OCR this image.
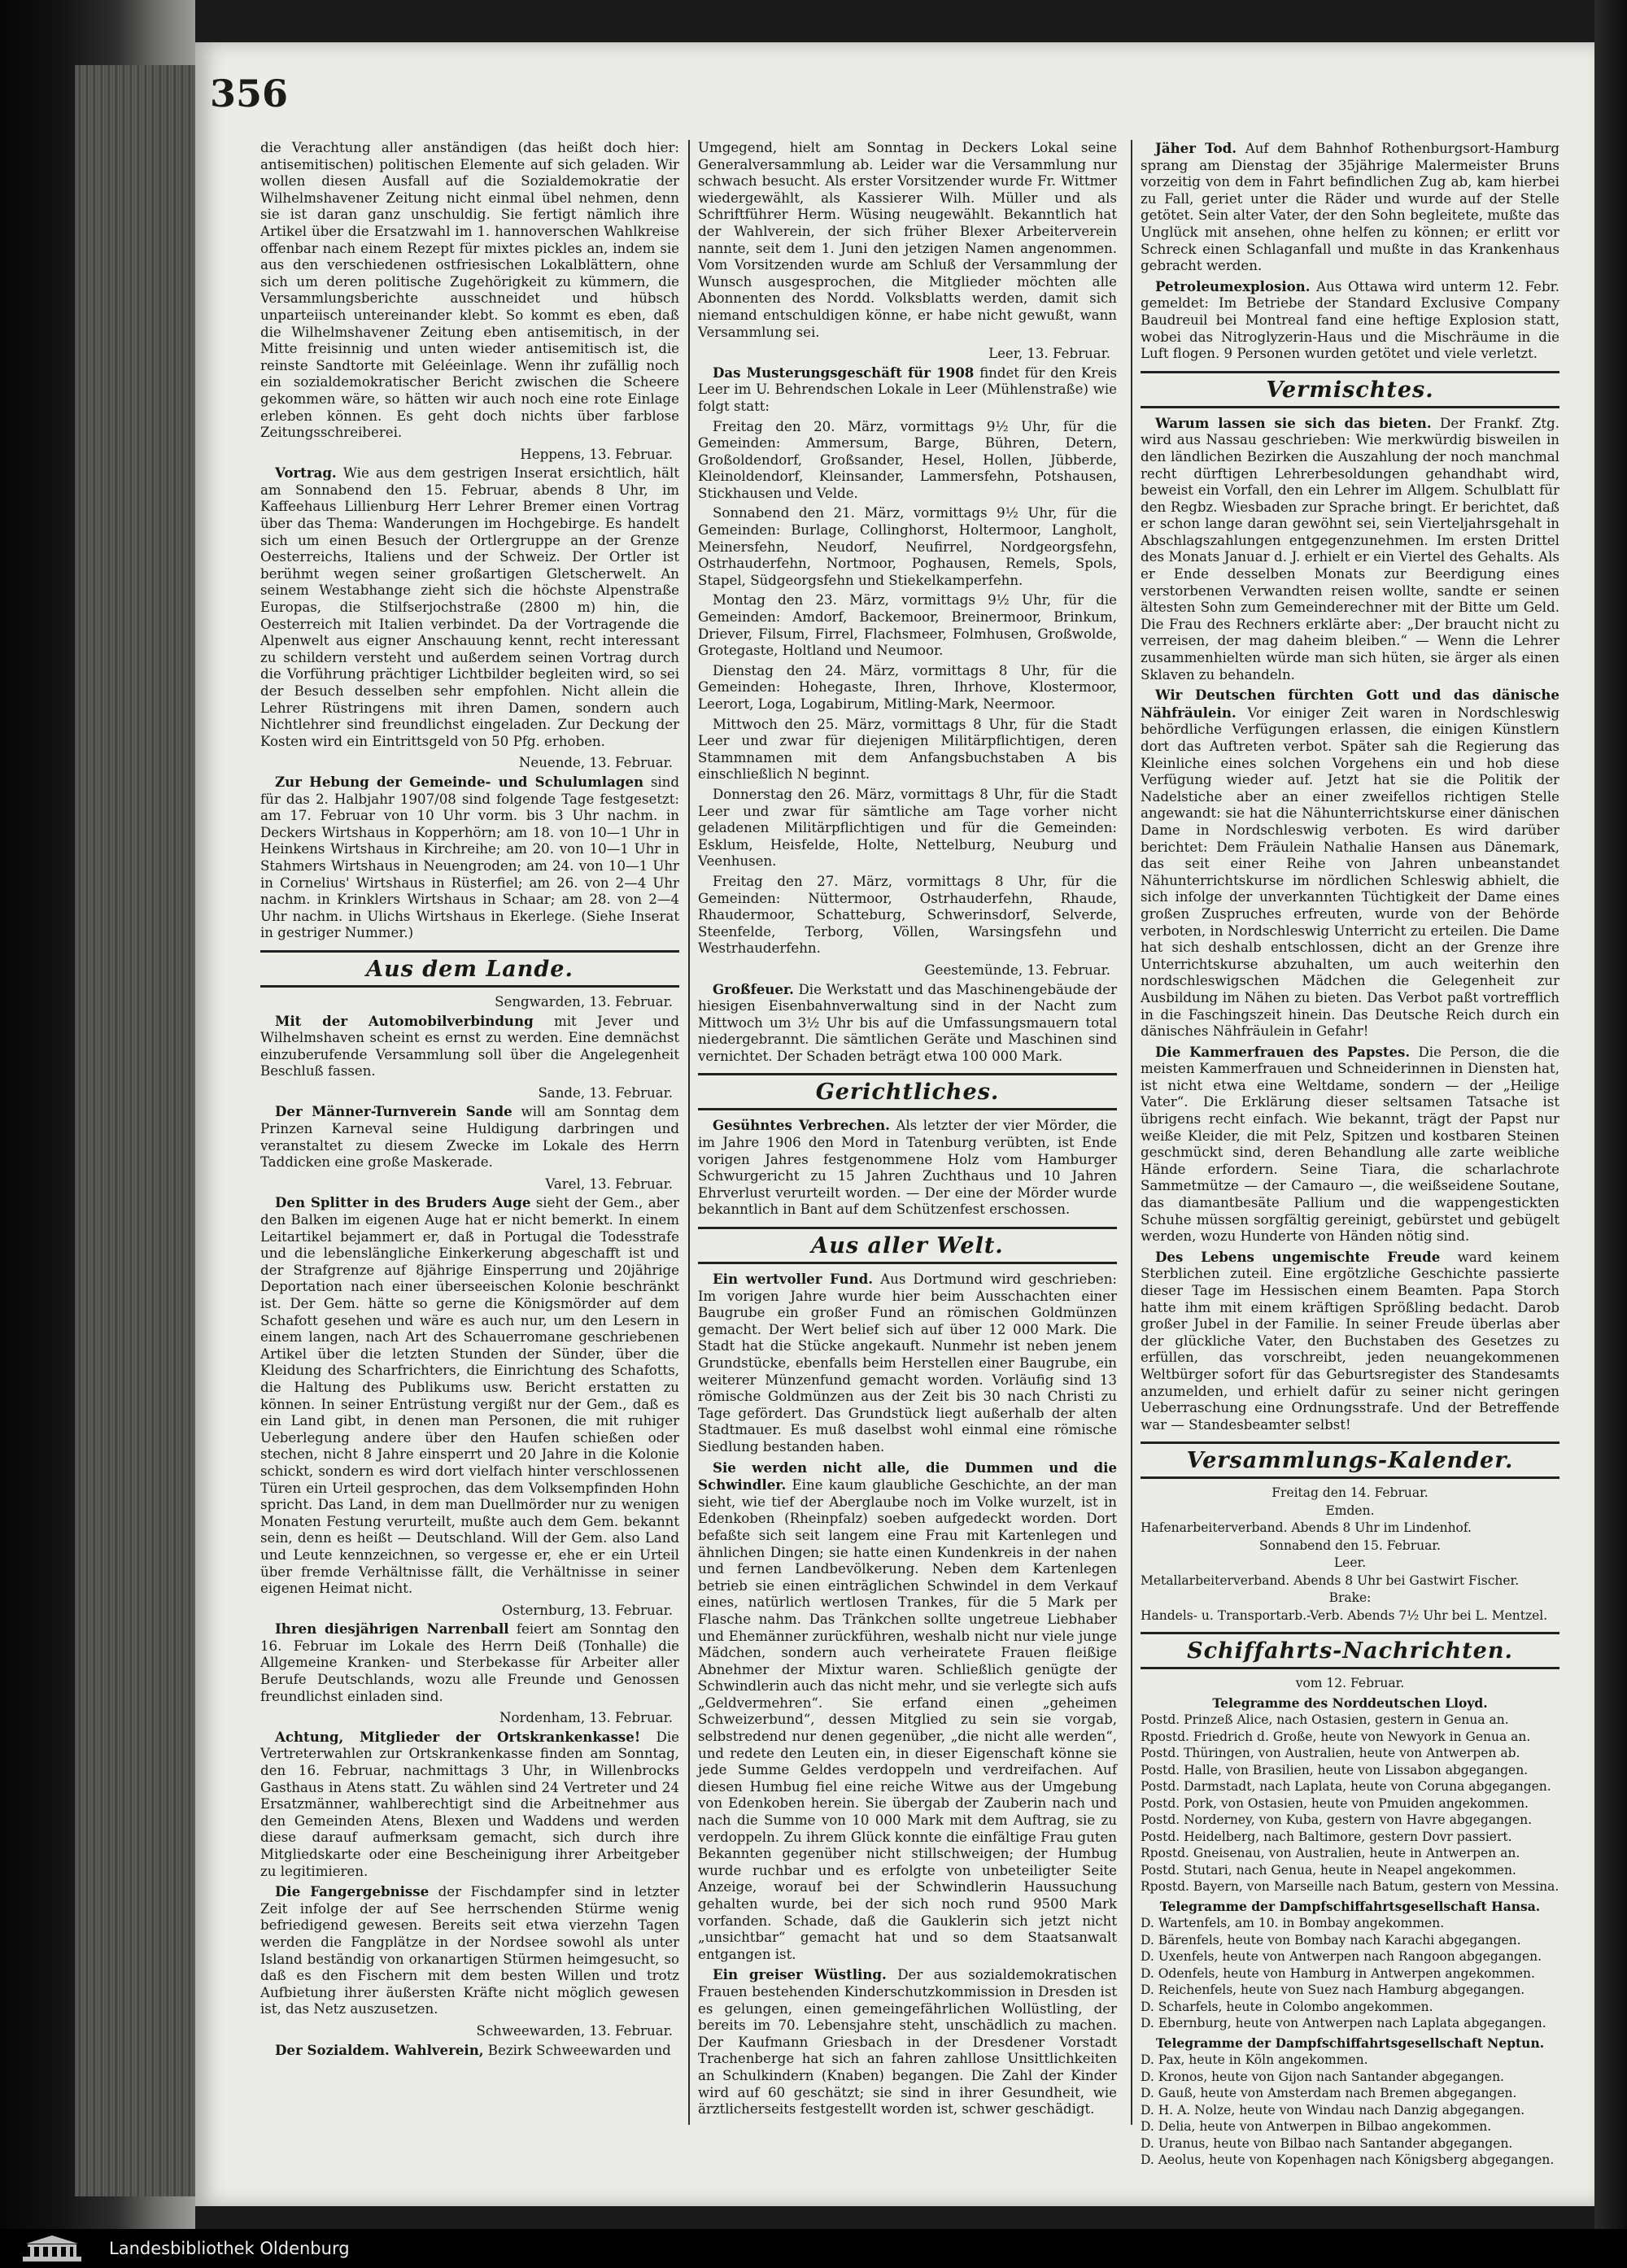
356

die Verachtung aller anständigen (das heißt doch hier: antisemitischen) politischen Elemente auf sich geladen. Wir wollen diesen Ausfall auf die Sozialdemokratie der Wilhelmshavener Zeitung nicht einmal übel nehmen, denn sie ist daran ganz unschuldig. Sie fertigt nämlich ihre Artikel über die Ersatzwahl im 1. hannoverschen Wahlkreise offenbar nach einem Rezept für mixtes pickles an, indem sie aus den verschiedenen ostfriesischen Lokalblättern, ohne sich um deren politische Zugehörigkeit zu kümmern, die Versammlungsberichte ausschneidet und hübsch unparteiisch untereinander klebt. So kommt es eben, daß die Wilhelmshavener Zeitung eben antisemitisch, in der Mitte freisinnig und unten wieder antisemitisch ist, die reinste Sandtorte mit Geléeinlage. Wenn ihr zufällig noch ein sozialdemokratischer Bericht zwischen die Scheere gekommen wäre, so hätten wir auch noch eine rote Einlage erleben können. Es geht doch nichts über farblose Zeitungsschreiberei.

Heppens, 13. Februar.

Vortrag. Wie aus dem gestrigen Inserat ersichtlich, hält am Sonnabend den 15. Februar, abends 8 Uhr, im Kaffeehaus Lillienburg Herr Lehrer Bremer einen Vortrag über das Thema: Wanderungen im Hochgebirge. Es handelt sich um einen Besuch der Ortlergruppe an der Grenze Oesterreichs, Italiens und der Schweiz. Der Ortler ist berühmt wegen seiner großartigen Gletscherwelt. An seinem Westabhange zieht sich die höchste Alpenstraße Europas, die Stilfserjochstraße (2800 m) hin, die Oesterreich mit Italien verbindet. Da der Vortragende die Alpenwelt aus eigner Anschauung kennt, recht interessant zu schildern versteht und außerdem seinen Vortrag durch die Vorführung prächtiger Lichtbilder begleiten wird, so sei der Besuch desselben sehr empfohlen. Nicht allein die Lehrer Rüstringens mit ihren Damen, sondern auch Nichtlehrer sind freundlichst eingeladen. Zur Deckung der Kosten wird ein Eintrittsgeld von 50 Pfg. erhoben.

Neuende, 13. Februar.

Zur Hebung der Gemeinde- und Schulumlagen sind für das 2. Halbjahr 1907/08 sind folgende Tage festgesetzt: am 17. Februar von 10 Uhr vorm. bis 3 Uhr nachm. in Deckers Wirtshaus in Kopperhörn; am 18. von 10—1 Uhr in Heinkens Wirtshaus in Kirchreihe; am 20. von 10—1 Uhr in Stahmers Wirtshaus in Neuengroden; am 24. von 10—1 Uhr in Cornelius' Wirtshaus in Rüsterfiel; am 26. von 2—4 Uhr nachm. in Krinklers Wirtshaus in Schaar; am 28. von 2—4 Uhr nachm. in Ulichs Wirtshaus in Ekerlege. (Siehe Inserat in gestriger Nummer.)

Aus dem Lande.
Sengwarden, 13. Februar.

Mit der Automobilverbindung mit Jever und Wilhelmshaven scheint es ernst zu werden. Eine demnächst einzuberufende Versammlung soll über die Angelegenheit Beschluß fassen.

Sande, 13. Februar.

Der Männer-Turnverein Sande will am Sonntag dem Prinzen Karneval seine Huldigung darbringen und veranstaltet zu diesem Zwecke im Lokale des Herrn Taddicken eine große Maskerade.

Varel, 13. Februar.

Den Splitter in des Bruders Auge sieht der Gem., aber den Balken im eigenen Auge hat er nicht bemerkt. In einem Leitartikel bejammert er, daß in Portugal die Todesstrafe und die lebenslängliche Einkerkerung abgeschafft ist und der Strafgrenze auf 8jährige Einsperrung und 20jährige Deportation nach einer überseeischen Kolonie beschränkt ist. Der Gem. hätte so gerne die Königsmörder auf dem Schafott gesehen und wäre es auch nur, um den Lesern in einem langen, nach Art des Schauerromane geschriebenen Artikel über die letzten Stunden der Sünder, über die Kleidung des Scharfrichters, die Einrichtung des Schafotts, die Haltung des Publikums usw. Bericht erstatten zu können. In seiner Entrüstung vergißt nur der Gem., daß es ein Land gibt, in denen man Personen, die mit ruhiger Ueberlegung andere über den Haufen schießen oder stechen, nicht 8 Jahre einsperrt und 20 Jahre in die Kolonie schickt, sondern es wird dort vielfach hinter verschlossenen Türen ein Urteil gesprochen, das dem Volksempfinden Hohn spricht. Das Land, in dem man Duellmörder nur zu wenigen Monaten Festung verurteilt, mußte auch dem Gem. bekannt sein, denn es heißt — Deutschland. Will der Gem. also Land und Leute kennzeichnen, so vergesse er, ehe er ein Urteil über fremde Verhältnisse fällt, die Verhältnisse in seiner eigenen Heimat nicht.

Osternburg, 13. Februar.

Ihren diesjährigen Narrenball feiert am Sonntag den 16. Februar im Lokale des Herrn Deiß (Tonhalle) die Allgemeine Kranken- und Sterbekasse für Arbeiter aller Berufe Deutschlands, wozu alle Freunde und Genossen freundlichst einladen sind.

Nordenham, 13. Februar.

Achtung, Mitglieder der Ortskrankenkasse! Die Vertreterwahlen zur Ortskrankenkasse finden am Sonntag, den 16. Februar, nachmittags 3 Uhr, in Willenbrocks Gasthaus in Atens statt. Zu wählen sind 24 Vertreter und 24 Ersatzmänner, wahlberechtigt sind die Arbeitnehmer aus den Gemeinden Atens, Blexen und Waddens und werden diese darauf aufmerksam gemacht, sich durch ihre Mitgliedskarte oder eine Bescheinigung ihrer Arbeitgeber zu legitimieren.

Die Fangergebnisse der Fischdampfer sind in letzter Zeit infolge der auf See herrschenden Stürme wenig befriedigend gewesen. Bereits seit etwa vierzehn Tagen werden die Fangplätze in der Nordsee sowohl als unter Island beständig von orkanartigen Stürmen heimgesucht, so daß es den Fischern mit dem besten Willen und trotz Aufbietung ihrer äußersten Kräfte nicht möglich gewesen ist, das Netz auszusetzen.

Schweewarden, 13. Februar.

Der Sozialdem. Wahlverein, Bezirk Schweewarden und

Umgegend, hielt am Sonntag in Deckers Lokal seine Generalversammlung ab. Leider war die Versammlung nur schwach besucht. Als erster Vorsitzender wurde Fr. Wittmer wiedergewählt, als Kassierer Wilh. Müller und als Schriftführer Herm. Wüsing neugewählt. Bekanntlich hat der Wahlverein, der sich früher Blexer Arbeiterverein nannte, seit dem 1. Juni den jetzigen Namen angenommen. Vom Vorsitzenden wurde am Schluß der Versammlung der Wunsch ausgesprochen, die Mitglieder möchten alle Abonnenten des Nordd. Volksblatts werden, damit sich niemand entschuldigen könne, er habe nicht gewußt, wann Versammlung sei.

Leer, 13. Februar.

Das Musterungsgeschäft für 1908 findet für den Kreis Leer im U. Behrendschen Lokale in Leer (Mühlenstraße) wie folgt statt:

Freitag den 20. März, vormittags 9½ Uhr, für die Gemeinden: Ammersum, Barge, Bühren, Detern, Großoldendorf, Großsander, Hesel, Hollen, Jübberde, Kleinoldendorf, Kleinsander, Lammersfehn, Potshausen, Stickhausen und Velde.

Sonnabend den 21. März, vormittags 9½ Uhr, für die Gemeinden: Burlage, Collinghorst, Holtermoor, Langholt, Meinersfehn, Neudorf, Neufirrel, Nordgeorgsfehn, Ostrhauderfehn, Nortmoor, Poghausen, Remels, Spols, Stapel, Südgeorgsfehn und Stiekelkamperfehn.

Montag den 23. März, vormittags 9½ Uhr, für die Gemeinden: Amdorf, Backemoor, Breinermoor, Brinkum, Driever, Filsum, Firrel, Flachsmeer, Folmhusen, Großwolde, Grotegaste, Holtland und Neumoor.

Dienstag den 24. März, vormittags 8 Uhr, für die Gemeinden: Hohegaste, Ihren, Ihrhove, Klostermoor, Leerort, Loga, Logabirum, Mitling-Mark, Neermoor.

Mittwoch den 25. März, vormittags 8 Uhr, für die Stadt Leer und zwar für diejenigen Militärpflichtigen, deren Stammnamen mit dem Anfangsbuchstaben A bis einschließlich N beginnt.

Donnerstag den 26. März, vormittags 8 Uhr, für die Stadt Leer und zwar für sämtliche am Tage vorher nicht geladenen Militärpflichtigen und für die Gemeinden: Esklum, Heisfelde, Holte, Nettelburg, Neuburg und Veenhusen.

Freitag den 27. März, vormittags 8 Uhr, für die Gemeinden: Nüttermoor, Ostrhauderfehn, Rhaude, Rhaudermoor, Schatteburg, Schwerinsdorf, Selverde, Steenfelde, Terborg, Völlen, Warsingsfehn und Westrhauderfehn.

Geestemünde, 13. Februar.

Großfeuer. Die Werkstatt und das Maschinengebäude der hiesigen Eisenbahnverwaltung sind in der Nacht zum Mittwoch um 3½ Uhr bis auf die Umfassungsmauern total niedergebrannt. Die sämtlichen Geräte und Maschinen sind vernichtet. Der Schaden beträgt etwa 100 000 Mark.

Gerichtliches.

Gesühntes Verbrechen. Als letzter der vier Mörder, die im Jahre 1906 den Mord in Tatenburg verübten, ist Ende vorigen Jahres festgenommene Holz vom Hamburger Schwurgericht zu 15 Jahren Zuchthaus und 10 Jahren Ehrverlust verurteilt worden. — Der eine der Mörder wurde bekanntlich in Bant auf dem Schützenfest erschossen.

Aus aller Welt.

Ein wertvoller Fund. Aus Dortmund wird geschrieben: Im vorigen Jahre wurde hier beim Ausschachten einer Baugrube ein großer Fund an römischen Goldmünzen gemacht. Der Wert belief sich auf über 12 000 Mark. Die Stadt hat die Stücke angekauft. Nunmehr ist neben jenem Grundstücke, ebenfalls beim Herstellen einer Baugrube, ein weiterer Münzenfund gemacht worden. Vorläufig sind 13 römische Goldmünzen aus der Zeit bis 30 nach Christi zu Tage gefördert. Das Grundstück liegt außerhalb der alten Stadtmauer. Es muß daselbst wohl einmal eine römische Siedlung bestanden haben.

Sie werden nicht alle, die Dummen und die Schwindler. Eine kaum glaubliche Geschichte, an der man sieht, wie tief der Aberglaube noch im Volke wurzelt, ist in Edenkoben (Rheinpfalz) soeben aufgedeckt worden. Dort befaßte sich seit langem eine Frau mit Kartenlegen und ähnlichen Dingen; sie hatte einen Kundenkreis in der nahen und fernen Landbevölkerung. Neben dem Kartenlegen betrieb sie einen einträglichen Schwindel in dem Verkauf eines, natürlich wertlosen Trankes, für die 5 Mark per Flasche nahm. Das Tränkchen sollte ungetreue Liebhaber und Ehemänner zurückführen, weshalb nicht nur viele junge Mädchen, sondern auch verheiratete Frauen fleißige Abnehmer der Mixtur waren. Schließlich genügte der Schwindlerin auch das nicht mehr, und sie verlegte sich aufs „Geldvermehren“. Sie erfand einen „geheimen Schweizerbund“, dessen Mitglied zu sein sie vorgab, selbstredend nur denen gegenüber, „die nicht alle werden“, und redete den Leuten ein, in dieser Eigenschaft könne sie jede Summe Geldes verdoppeln und verdreifachen. Auf diesen Humbug fiel eine reiche Witwe aus der Umgebung von Edenkoben herein. Sie übergab der Zauberin nach und nach die Summe von 10 000 Mark mit dem Auftrag, sie zu verdoppeln. Zu ihrem Glück konnte die einfältige Frau guten Bekannten gegenüber nicht stillschweigen; der Humbug wurde ruchbar und es erfolgte von unbeteiligter Seite Anzeige, worauf bei der Schwindlerin Haussuchung gehalten wurde, bei der sich noch rund 9500 Mark vorfanden. Schade, daß die Gauklerin sich jetzt nicht „unsichtbar“ gemacht hat und so dem Staatsanwalt entgangen ist.

Ein greiser Wüstling. Der aus sozialdemokratischen Frauen bestehenden Kinderschutzkommission in Dresden ist es gelungen, einen gemeingefährlichen Wollüstling, der bereits im 70. Lebensjahre steht, unschädlich zu machen. Der Kaufmann Griesbach in der Dresdener Vorstadt Trachenberge hat sich an fahren zahllose Unsittlichkeiten an Schulkindern (Knaben) begangen. Die Zahl der Kinder wird auf 60 geschätzt; sie sind in ihrer Gesundheit, wie ärztlicherseits festgestellt worden ist, schwer geschädigt.

Jäher Tod. Auf dem Bahnhof Rothenburgsort-Hamburg sprang am Dienstag der 35jährige Malermeister Bruns vorzeitig von dem in Fahrt befindlichen Zug ab, kam hierbei zu Fall, geriet unter die Räder und wurde auf der Stelle getötet. Sein alter Vater, der den Sohn begleitete, mußte das Unglück mit ansehen, ohne helfen zu können; er erlitt vor Schreck einen Schlaganfall und mußte in das Krankenhaus gebracht werden.

Petroleumexplosion. Aus Ottawa wird unterm 12. Febr. gemeldet: Im Betriebe der Standard Exclusive Company Baudreuil bei Montreal fand eine heftige Explosion statt, wobei das Nitroglyzerin-Haus und die Mischräume in die Luft flogen. 9 Personen wurden getötet und viele verletzt.

Vermischtes.

Warum lassen sie sich das bieten. Der Frankf. Ztg. wird aus Nassau geschrieben: Wie merkwürdig bisweilen in den ländlichen Bezirken die Auszahlung der noch manchmal recht dürftigen Lehrerbesoldungen gehandhabt wird, beweist ein Vorfall, den ein Lehrer im Allgem. Schulblatt für den Regbz. Wiesbaden zur Sprache bringt. Er berichtet, daß er schon lange daran gewöhnt sei, sein Vierteljahrsgehalt in Abschlagszahlungen entgegenzunehmen. Im ersten Drittel des Monats Januar d. J. erhielt er ein Viertel des Gehalts. Als er Ende desselben Monats zur Beerdigung eines verstorbenen Verwandten reisen wollte, sandte er seinen ältesten Sohn zum Gemeinderechner mit der Bitte um Geld. Die Frau des Rechners erklärte aber: „Der braucht nicht zu verreisen, der mag daheim bleiben.“ — Wenn die Lehrer zusammenhielten würde man sich hüten, sie ärger als einen Sklaven zu behandeln.

Wir Deutschen fürchten Gott und das dänische Nähfräulein. Vor einiger Zeit waren in Nordschleswig behördliche Verfügungen erlassen, die einigen Künstlern dort das Auftreten verbot. Später sah die Regierung das Kleinliche eines solchen Vorgehens ein und hob diese Verfügung wieder auf. Jetzt hat sie die Politik der Nadelstiche aber an einer zweifellos richtigen Stelle angewandt: sie hat die Nähunterrichtskurse einer dänischen Dame in Nordschleswig verboten. Es wird darüber berichtet: Dem Fräulein Nathalie Hansen aus Dänemark, das seit einer Reihe von Jahren unbeanstandet Nähunterrichtskurse im nördlichen Schleswig abhielt, die sich infolge der unverkannten Tüchtigkeit der Dame eines großen Zuspruches erfreuten, wurde von der Behörde verboten, in Nordschleswig Unterricht zu erteilen. Die Dame hat sich deshalb entschlossen, dicht an der Grenze ihre Unterrichtskurse abzuhalten, um auch weiterhin den nordschleswigschen Mädchen die Gelegenheit zur Ausbildung im Nähen zu bieten. Das Verbot paßt vortrefflich in die Faschingszeit hinein. Das Deutsche Reich durch ein dänisches Nähfräulein in Gefahr!

Die Kammerfrauen des Papstes. Die Person, die die meisten Kammerfrauen und Schneiderinnen in Diensten hat, ist nicht etwa eine Weltdame, sondern — der „Heilige Vater“. Die Erklärung dieser seltsamen Tatsache ist übrigens recht einfach. Wie bekannt, trägt der Papst nur weiße Kleider, die mit Pelz, Spitzen und kostbaren Steinen geschmückt sind, deren Behandlung alle zarte weibliche Hände erfordern. Seine Tiara, die scharlachrote Sammetmütze — der Camauro —, die weißseidene Soutane, das diamantbesäte Pallium und die wappengestickten Schuhe müssen sorgfältig gereinigt, gebürstet und gebügelt werden, wozu Hunderte von Händen nötig sind.

Des Lebens ungemischte Freude ward keinem Sterblichen zuteil. Eine ergötzliche Geschichte passierte dieser Tage im Hessischen einem Beamten. Papa Storch hatte ihm mit einem kräftigen Sprößling bedacht. Darob großer Jubel in der Familie. In seiner Freude überlas aber der glückliche Vater, den Buchstaben des Gesetzes zu erfüllen, das vorschreibt, jeden neuangekommenen Weltbürger sofort für das Geburtsregister des Standesamts anzumelden, und erhielt dafür zu seiner nicht geringen Ueberraschung eine Ordnungsstrafe. Und der Betreffende war — Standesbeamter selbst!

Versammlungs-Kalender.
Freitag den 14. Februar.
Emden.

Hafenarbeiterverband. Abends 8 Uhr im Lindenhof.

Sonnabend den 15. Februar.
Leer.

Metallarbeiterverband. Abends 8 Uhr bei Gastwirt Fischer.

Brake:

Handels- u. Transportarb.-Verb. Abends 7½ Uhr bei L. Mentzel.

Schiffahrts-Nachrichten.
vom 12. Februar.
Telegramme des Norddeutschen Lloyd.

Postd. Prinzeß Alice, nach Ostasien, gestern in Genua an.

Rpostd. Friedrich d. Große, heute von Newyork in Genua an.

Postd. Thüringen, von Australien, heute von Antwerpen ab.

Postd. Halle, von Brasilien, heute von Lissabon abgegangen.

Postd. Darmstadt, nach Laplata, heute von Coruna abgegangen.

Postd. Pork, von Ostasien, heute von Pmuiden angekommen.

Postd. Norderney, von Kuba, gestern von Havre abgegangen.

Postd. Heidelberg, nach Baltimore, gestern Dovr passiert.

Rpostd. Gneisenau, von Australien, heute in Antwerpen an.

Postd. Stutari, nach Genua, heute in Neapel angekommen.

Rpostd. Bayern, von Marseille nach Batum, gestern von Messina.

Telegramme der Dampfschiffahrtsgesellschaft Hansa.

D. Wartenfels, am 10. in Bombay angekommen.

D. Bärenfels, heute von Bombay nach Karachi abgegangen.

D. Uxenfels, heute von Antwerpen nach Rangoon abgegangen.

D. Odenfels, heute von Hamburg in Antwerpen angekommen.

D. Reichenfels, heute von Suez nach Hamburg abgegangen.

D. Scharfels, heute in Colombo angekommen.

D. Ebernburg, heute von Antwerpen nach Laplata abgegangen.

Telegramme der Dampfschiffahrtsgesellschaft Neptun.

D. Pax, heute in Köln angekommen.

D. Kronos, heute von Gijon nach Santander abgegangen.

D. Gauß, heute von Amsterdam nach Bremen abgegangen.

D. H. A. Nolze, heute von Windau nach Danzig abgegangen.

D. Delia, heute von Antwerpen in Bilbao angekommen.

D. Uranus, heute von Bilbao nach Santander abgegangen.

D. Aeolus, heute von Kopenhagen nach Königsberg abgegangen.

Landesbibliothek Oldenburg
